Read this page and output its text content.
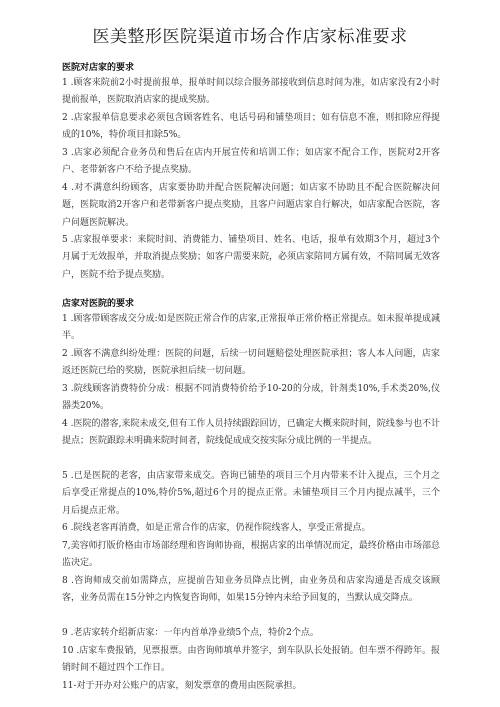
医美整形医院渠道市场合作店家标准要求
医院对店家的要求
1 .顾客来院前2小时提前报单，报单时间以综合服务部接收到信息时间为准，如店家没有2小时提前报单，医院取消店家的提成奖励。
2 .店家报单信息要求必须包含顾客姓名、电话号码和铺垫项目；如有信息不准，则扣除应得提成的10%，特价项目扣除5%。
3 .店家必须配合业务员和售后在店内开展宣传和培训工作；如店家不配合工作，医院对2开客户、老带新客户不给予提点奖励。
4 .对不满意纠纷顾客，店家要协助并配合医院解决问题；如店家不协助且不配合医院解决问题，医院取消2开客户和老带新客户提点奖励，且客户问题店家自行解决，如店家配合医院，客户问题医院解决。
5 .店家报单要求：来院时间、消费能力、铺垫项目、姓名、电话，报单有效期3个月，超过3个月属于无效报单，并取消提点奖励；如客户需要来院，必须店家陪同方属有效，不陪同属无效客户，医院不给予提点奖励。
店家对医院的要求
1 .顾客带顾客成交分成:如是医院正常合作的店家,正常报单正常价格正常提点。如未报单提成减半。
2 .顾客不满意纠纷处理：医院的问题，后续一切问题赔偿处理医院承担；客人本人问题，店家返还医院已给的奖励，医院承担后续一切问题。
3 .院线顾客消费特价分成：根据不同消费特价给予10-20的分成，针剂类10%,手术类20%,仪器类20%。
4 .医院的潜客,来院未成交,但有工作人员持续跟踪回访，已确定大概来院时间，院线参与也不计提点；医院跟踪未明确来院时间者，院线促成成交按实际分成比例的一半提点。
5 .已是医院的老客，由店家带来成交。咨询已铺垫的项目三个月内带来不计入提点，三个月之后享受正常提点的10%,特价5%,超过6个月的提点正常。未铺垫项目三个月内提点减半，三个月后提点正常。
6 .院线老客再消费，如是正常合作的店家，仍视作院线客人，享受正常提点。
7,美容师打版价格由市场部经理和咨询师协商，根据店家的出单情况而定，最终价格由市场部总监决定。
8 .咨询师成交前如需降点，应提前告知业务员降点比例，由业务员和店家沟通是否成交该顾客，业务员需在15分钟之内恢复咨询师，如果15分钟内未给予回复的，当默认成交降点。
9 .老店家转介绍新店家：一年内首单净业绩5个点，特价2个点。
10 .店家车费报销，见票报票。由咨询师填单并签字，到车队队长处报销。但车票不得跨年。报销时间不超过四个工作日。
11-对于开办对公账户的店家，刻发票章的费用由医院承担。
